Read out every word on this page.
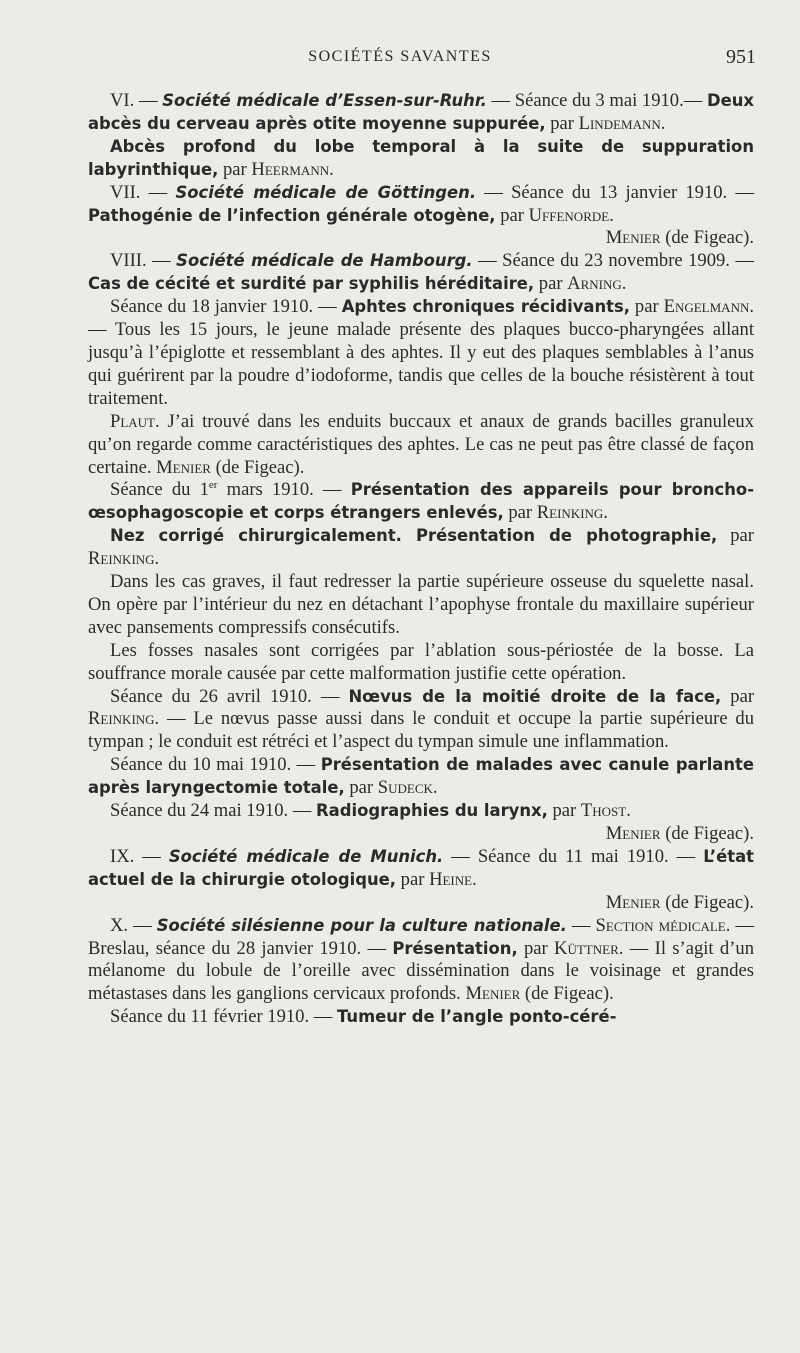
SOCIÉTÉS SAVANTES	951

VI. — Société médicale d’Essen-sur-Ruhr. — Séance du 3 mai 1910.— Deux abcès du cerveau après otite moyenne suppurée, par Lindemann.

Abcès profond du lobe temporal à la suite de suppuration labyrinthique, par Heermann.

VII. — Société médicale de Göttingen. — Séance du 13 janvier 1910. — Pathogénie de l’infection générale otogène, par Uffenorde.

Menier (de Figeac).

VIII. — Société médicale de Hambourg. — Séance du 23 novembre 1909. — Cas de cécité et surdité par syphilis héréditaire, par Arning.

Séance du 18 janvier 1910. — Aphtes chroniques récidivants, par Engelmann. — Tous les 15 jours, le jeune malade présente des plaques bucco-pharyngées allant jusqu’à l’épiglotte et ressemblant à des aphtes. Il y eut des plaques semblables à l’anus qui guérirent par la poudre d’iodoforme, tandis que celles de la bouche résistèrent à tout traitement.

Plaut. J’ai trouvé dans les enduits buccaux et anaux de grands bacilles granuleux qu’on regarde comme caractéristiques des aphtes. Le cas ne peut pas être classé de façon certaine. Menier (de Figeac).

Séance du 1er mars 1910. — Présentation des appareils pour broncho-œsophagoscopie et corps étrangers enlevés, par Reinking.

Nez corrigé chirurgicalement. Présentation de photographie, par Reinking.

Dans les cas graves, il faut redresser la partie supérieure osseuse du squelette nasal. On opère par l’intérieur du nez en détachant l’apophyse frontale du maxillaire supérieur avec pansements compressifs consécutifs.

Les fosses nasales sont corrigées par l’ablation sous-périostée de la bosse. La souffrance morale causée par cette malformation justifie cette opération.

Séance du 26 avril 1910. — Nœvus de la moitié droite de la face, par Reinking. — Le nœvus passe aussi dans le conduit et occupe la partie supérieure du tympan ; le conduit est rétréci et l’aspect du tympan simule une inflammation.

Séance du 10 mai 1910. — Présentation de malades avec canule parlante après laryngectomie totale, par Sudeck.

Séance du 24 mai 1910. — Radiographies du larynx, par Thost.

Menier (de Figeac).

IX. — Société médicale de Munich. — Séance du 11 mai 1910. — L’état actuel de la chirurgie otologique, par Heine.

Menier (de Figeac).

X. — Société silésienne pour la culture nationale. — Section médicale. — Breslau, séance du 28 janvier 1910. — Présentation, par Küttner. — Il s’agit d’un mélanome du lobule de l’oreille avec dissémination dans le voisinage et grandes métastases dans les ganglions cervicaux profonds. Menier (de Figeac).

Séance du 11 février 1910. — Tumeur de l’angle ponto-céré-
